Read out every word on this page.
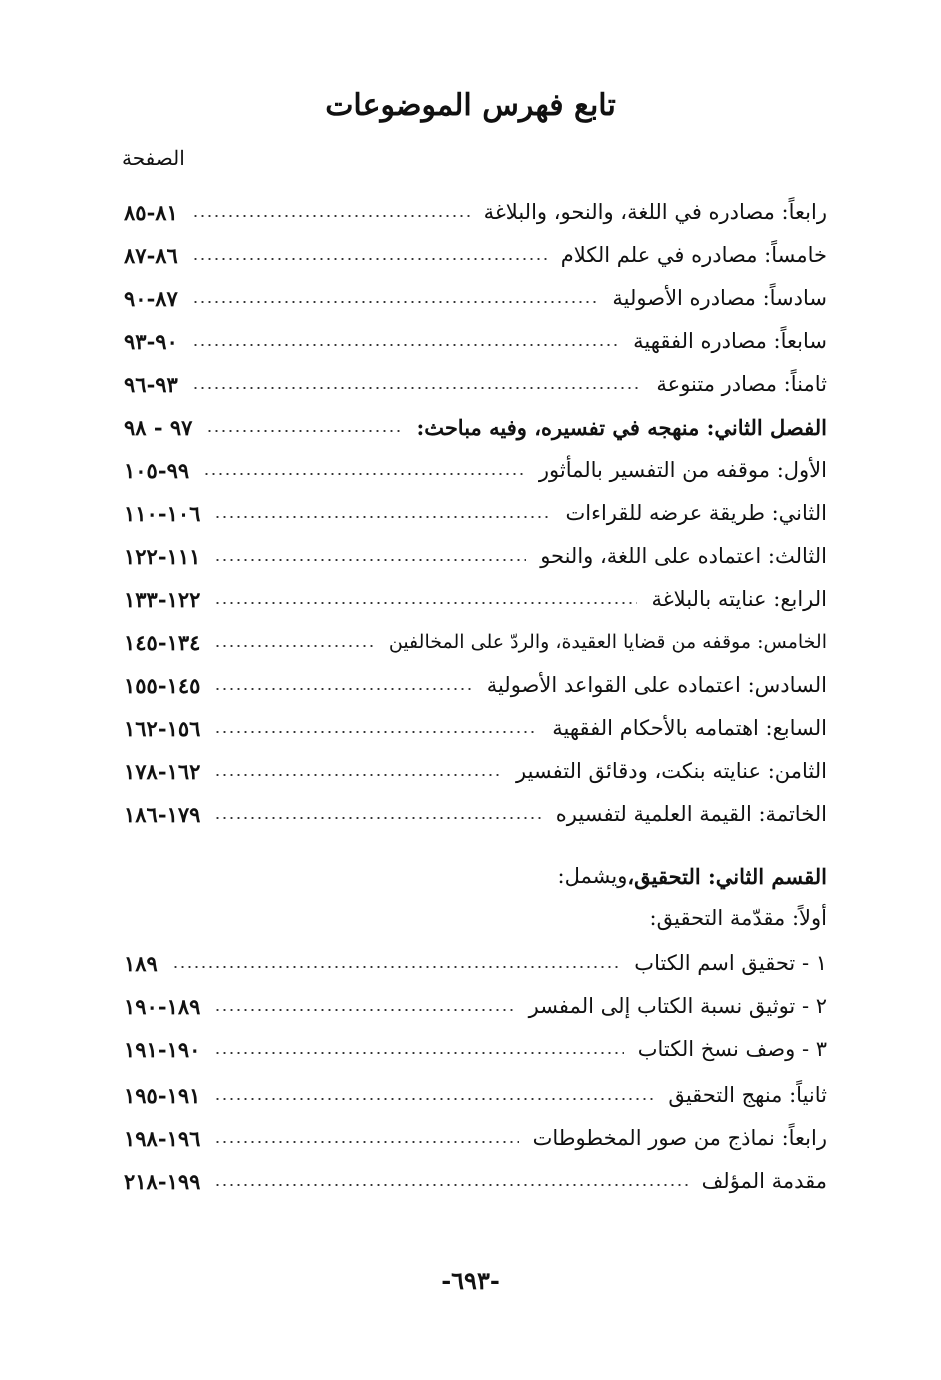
تابع فهرس الموضوعات
الصفحة
رابعاً: مصادره في اللغة، والنحو، والبلاغة
٨١-٨٥
خامساً: مصادره في علم الكلام
٨٦-٨٧
سادساً: مصادره الأصولية
٨٧-٩٠
سابعاً: مصادره الفقهية
٩٠-٩٣
ثامناً: مصادر متنوعة
٩٣-٩٦
الفصل الثاني: منهجه في تفسيره، وفيه مباحث:
٩٧ - ٩٨
الأول: موقفه من التفسير بالمأثور
٩٩-١٠٥
الثاني: طريقة عرضه للقراءات
١٠٦-١١٠
الثالث: اعتماده على اللغة، والنحو
١١١-١٢٢
الرابع: عنايته بالبلاغة
١٢٢-١٣٣
الخامس: موقفه من قضايا العقيدة، والردّ على المخالفين
١٣٤-١٤٥
السادس: اعتماده على القواعد الأصولية
١٤٥-١٥٥
السابع: اهتمامه بالأحكام الفقهية
١٥٦-١٦٢
الثامن: عنايته بنكت، ودقائق التفسير
١٦٢-١٧٨
الخاتمة: القيمة العلمية لتفسيره
١٧٩-١٨٦
القسم الثاني: التحقيق،
ويشمل:
أولاً: مقدّمة التحقيق:
١ - تحقيق اسم الكتاب
١٨٩
٢ - توثيق نسبة الكتاب إلى المفسر
١٨٩-١٩٠
٣ - وصف نسخ الكتاب
١٩٠-١٩١
ثانياً: منهج التحقيق
١٩١-١٩٥
رابعاً: نماذج من صور المخطوطات
١٩٦-١٩٨
مقدمة المؤلف
١٩٩-٢١٨
-٦٩٣-
